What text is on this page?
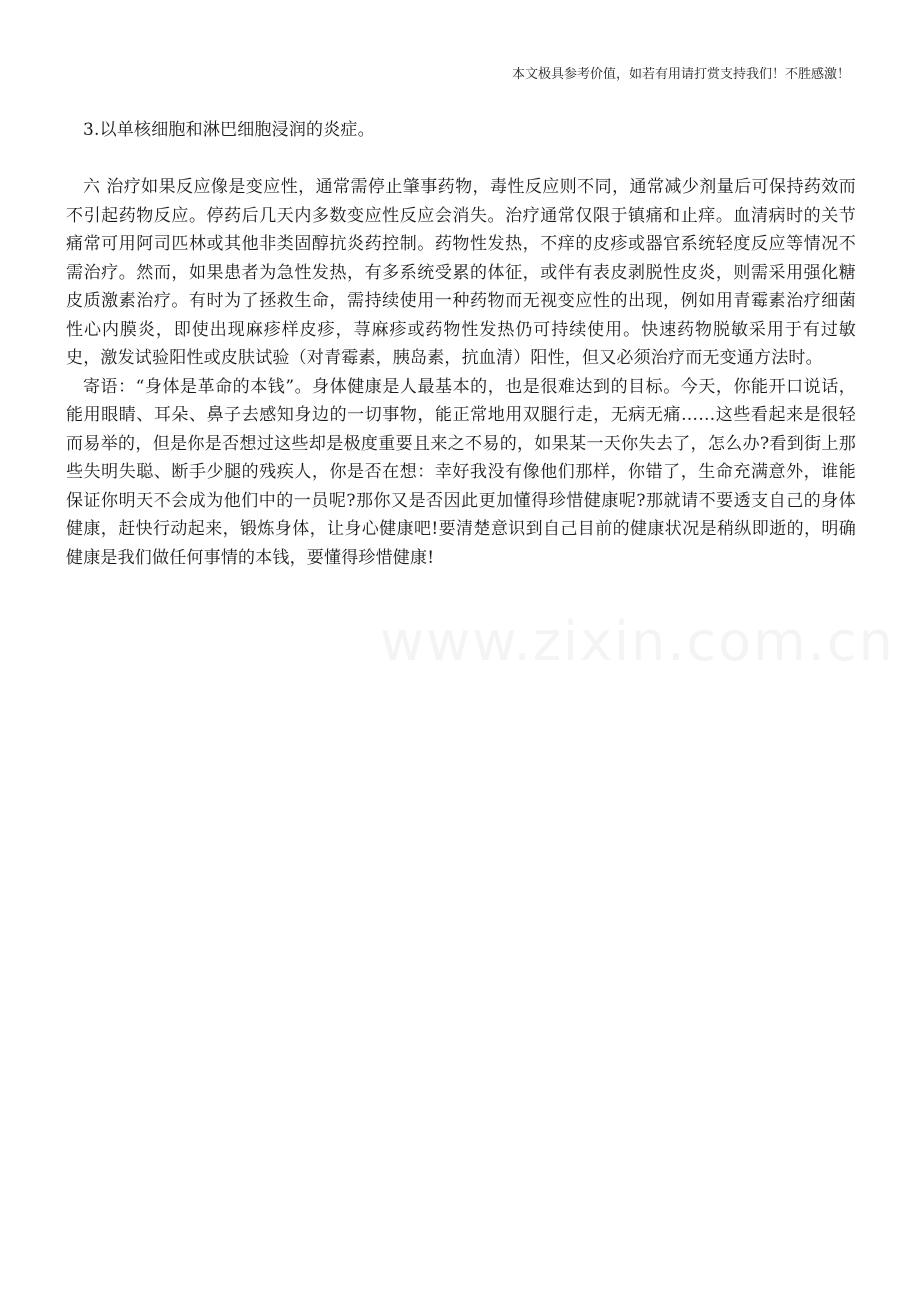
本文极具参考价值，如若有用请打赏支持我们！不胜感激！

3.以单核细胞和淋巴细胞浸润的炎症。

六 治疗如果反应像是变应性，通常需停止肇事药物，毒性反应则不同，通常减少剂量后可保持药效而不引起药物反应。停药后几天内多数变应性反应会消失。治疗通常仅限于镇痛和止痒。血清病时的关节痛常可用阿司匹林或其他非类固醇抗炎药控制。药物性发热，不痒的皮疹或器官系统轻度反应等情况不需治疗。然而，如果患者为急性发热，有多系统受累的体征，或伴有表皮剥脱性皮炎，则需采用强化糖皮质激素治疗。有时为了拯救生命，需持续使用一种药物而无视变应性的出现，例如用青霉素治疗细菌性心内膜炎，即使出现麻疹样皮疹，荨麻疹或药物性发热仍可持续使用。快速药物脱敏采用于有过敏史，激发试验阳性或皮肤试验（对青霉素，胰岛素，抗血清）阳性，但又必须治疗而无变通方法时。

寄语：“身体是革命的本钱”。身体健康是人最基本的，也是很难达到的目标。今天，你能开口说话，能用眼睛、耳朵、鼻子去感知身边的一切事物，能正常地用双腿行走，无病无痛……这些看起来是很轻而易举的，但是你是否想过这些却是极度重要且来之不易的，如果某一天你失去了，怎么办?看到街上那些失明失聪、断手少腿的残疾人，你是否在想：幸好我没有像他们那样，你错了，生命充满意外，谁能保证你明天不会成为他们中的一员呢?那你又是否因此更加懂得珍惜健康呢?那就请不要透支自己的身体健康，赶快行动起来，锻炼身体，让身心健康吧!要清楚意识到自己目前的健康状况是稍纵即逝的，明确健康是我们做任何事情的本钱，要懂得珍惜健康!
